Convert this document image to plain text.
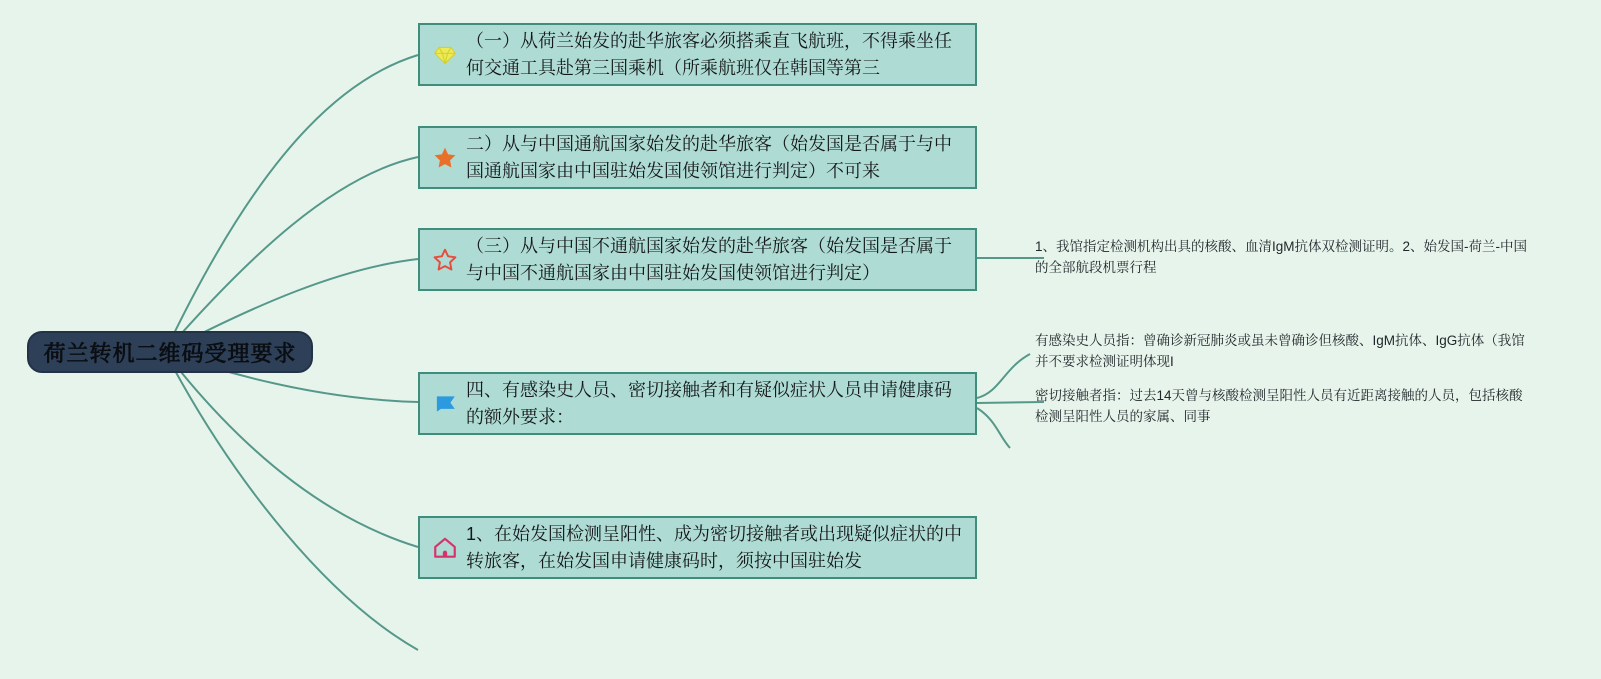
荷兰转机二维码受理要求
（一）从荷兰始发的赴华旅客必须搭乘直飞航班，不得乘坐任何交通工具赴第三国乘机（所乘航班仅在韩国等第三
二）从与中国通航国家始发的赴华旅客（始发国是否属于与中国通航国家由中国驻始发国使领馆进行判定）不可来
（三）从与中国不通航国家始发的赴华旅客（始发国是否属于与中国不通航国家由中国驻始发国使领馆进行判定）
四、有感染史人员、密切接触者和有疑似症状人员申请健康码的额外要求：
1、在始发国检测呈阳性、成为密切接触者或出现疑似症状的中转旅客，在始发国申请健康码时，须按中国驻始发
1、我馆指定检测机构出具的核酸、血清IgM抗体双检测证明。2、始发国-荷兰-中国的全部航段机票行程
有感染史人员指：曾确诊新冠肺炎或虽未曾确诊但核酸、IgM抗体、IgG抗体（我馆并不要求检测证明体现I
密切接触者指：过去14天曾与核酸检测呈阳性人员有近距离接触的人员，包括核酸检测呈阳性人员的家属、同事
